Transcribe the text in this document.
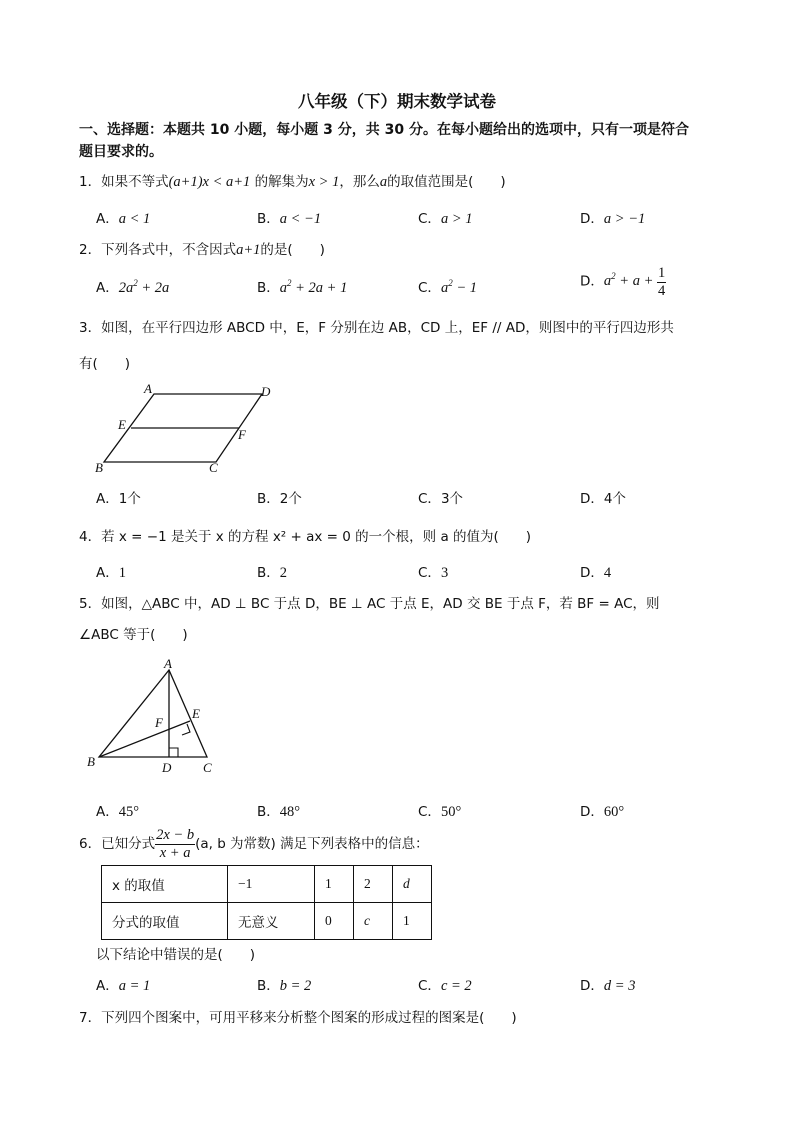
八年级（下）期末数学试卷
一、选择题：本题共 10 小题，每小题 3 分，共 30 分。在每小题给出的选项中，只有一项是符合
题目要求的。
1．如果不等式(a+1)x < a+1 的解集为x > 1，那么a的取值范围是(　　)
A．a < 1	B．a < −1	C．a > 1	D．a > −1
2．下列各式中，不含因式a+1的是(　　)
A．$2a^2 + 2a$	B．$a^2 + 2a + 1$	C．$a^2 - 1$	D．$a^2 + a + \frac{1}{4}$
3．如图，在平行四边形 ABCD 中，E，F 分别在边 AB，CD 上，EF // AD，则图中的平行四边形共
有(　　)
A	D
E
F
B	C
A．1个	B．2个	C．3个	D．4个
4．若 x = −1 是关于 x 的方程 x² + ax = 0 的一个根，则 a 的值为(　　)
A．1	B．2	C．3	D．4
5．如图，△ABC 中，AD ⊥ BC 于点 D，BE ⊥ AC 于点 E，AD 交 BE 于点 F，若 BF = AC，则
∠ABC 等于(　　)
A
E
F
B	D C
A．45°	B．48°	C．50°	D．60°
6．已知分式 $\frac{2x - b}{x + a} (a$, b 为常数) 满足下列表格中的信息：
x 的取值	−1	1	2	d
分式的取值	无意义	0	c	1
以下结论中错误的是(　　)
A．a = 1	B．b = 2	C．c = 2	D．d = 3
7．下列四个图案中，可用平移来分析整个图案的形成过程的图案是(　　)
